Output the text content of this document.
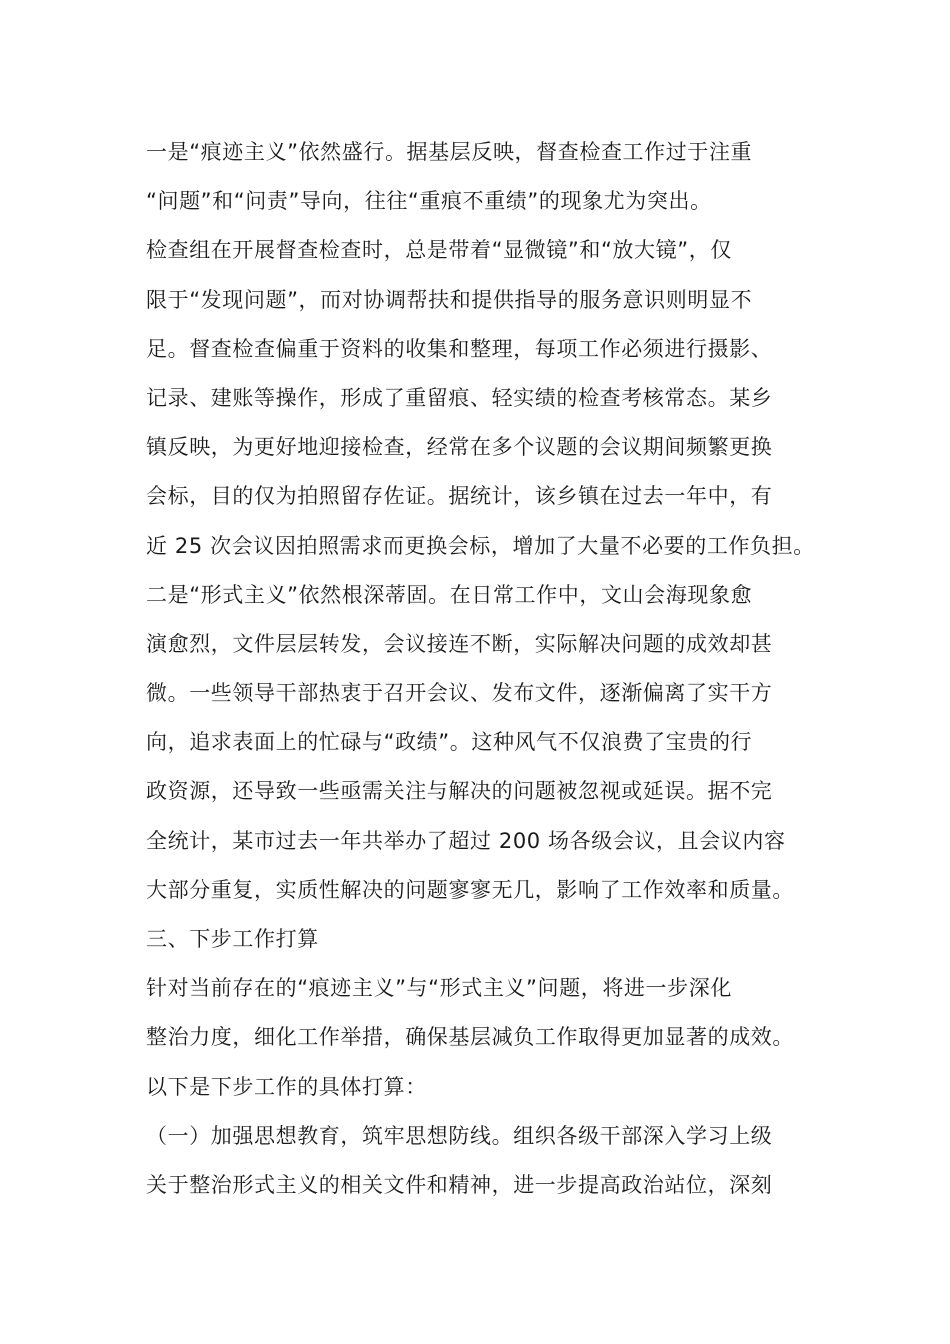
一是“痕迹主义”依然盛行。据基层反映，督查检查工作过于注重
“问题”和“问责”导向，往往“重痕不重绩”的现象尤为突出。
检查组在开展督查检查时，总是带着“显微镜”和“放大镜”，仅
限于“发现问题”，而对协调帮扶和提供指导的服务意识则明显不
足。督查检查偏重于资料的收集和整理，每项工作必须进行摄影、
记录、建账等操作，形成了重留痕、轻实绩的检查考核常态。某乡
镇反映，为更好地迎接检查，经常在多个议题的会议期间频繁更换
会标，目的仅为拍照留存佐证。据统计，该乡镇在过去一年中，有
近 25 次会议因拍照需求而更换会标，增加了大量不必要的工作负担。
二是“形式主义”依然根深蒂固。在日常工作中，文山会海现象愈
演愈烈，文件层层转发，会议接连不断，实际解决问题的成效却甚
微。一些领导干部热衷于召开会议、发布文件，逐渐偏离了实干方
向，追求表面上的忙碌与“政绩”。这种风气不仅浪费了宝贵的行
政资源，还导致一些亟需关注与解决的问题被忽视或延误。据不完
全统计，某市过去一年共举办了超过 200 场各级会议，且会议内容
大部分重复，实质性解决的问题寥寥无几，影响了工作效率和质量。
三、下步工作打算
针对当前存在的“痕迹主义”与“形式主义”问题，将进一步深化
整治力度，细化工作举措，确保基层减负工作取得更加显著的成效。
以下是下步工作的具体打算：
（一）加强思想教育，筑牢思想防线。组织各级干部深入学习上级
关于整治形式主义的相关文件和精神，进一步提高政治站位，深刻
